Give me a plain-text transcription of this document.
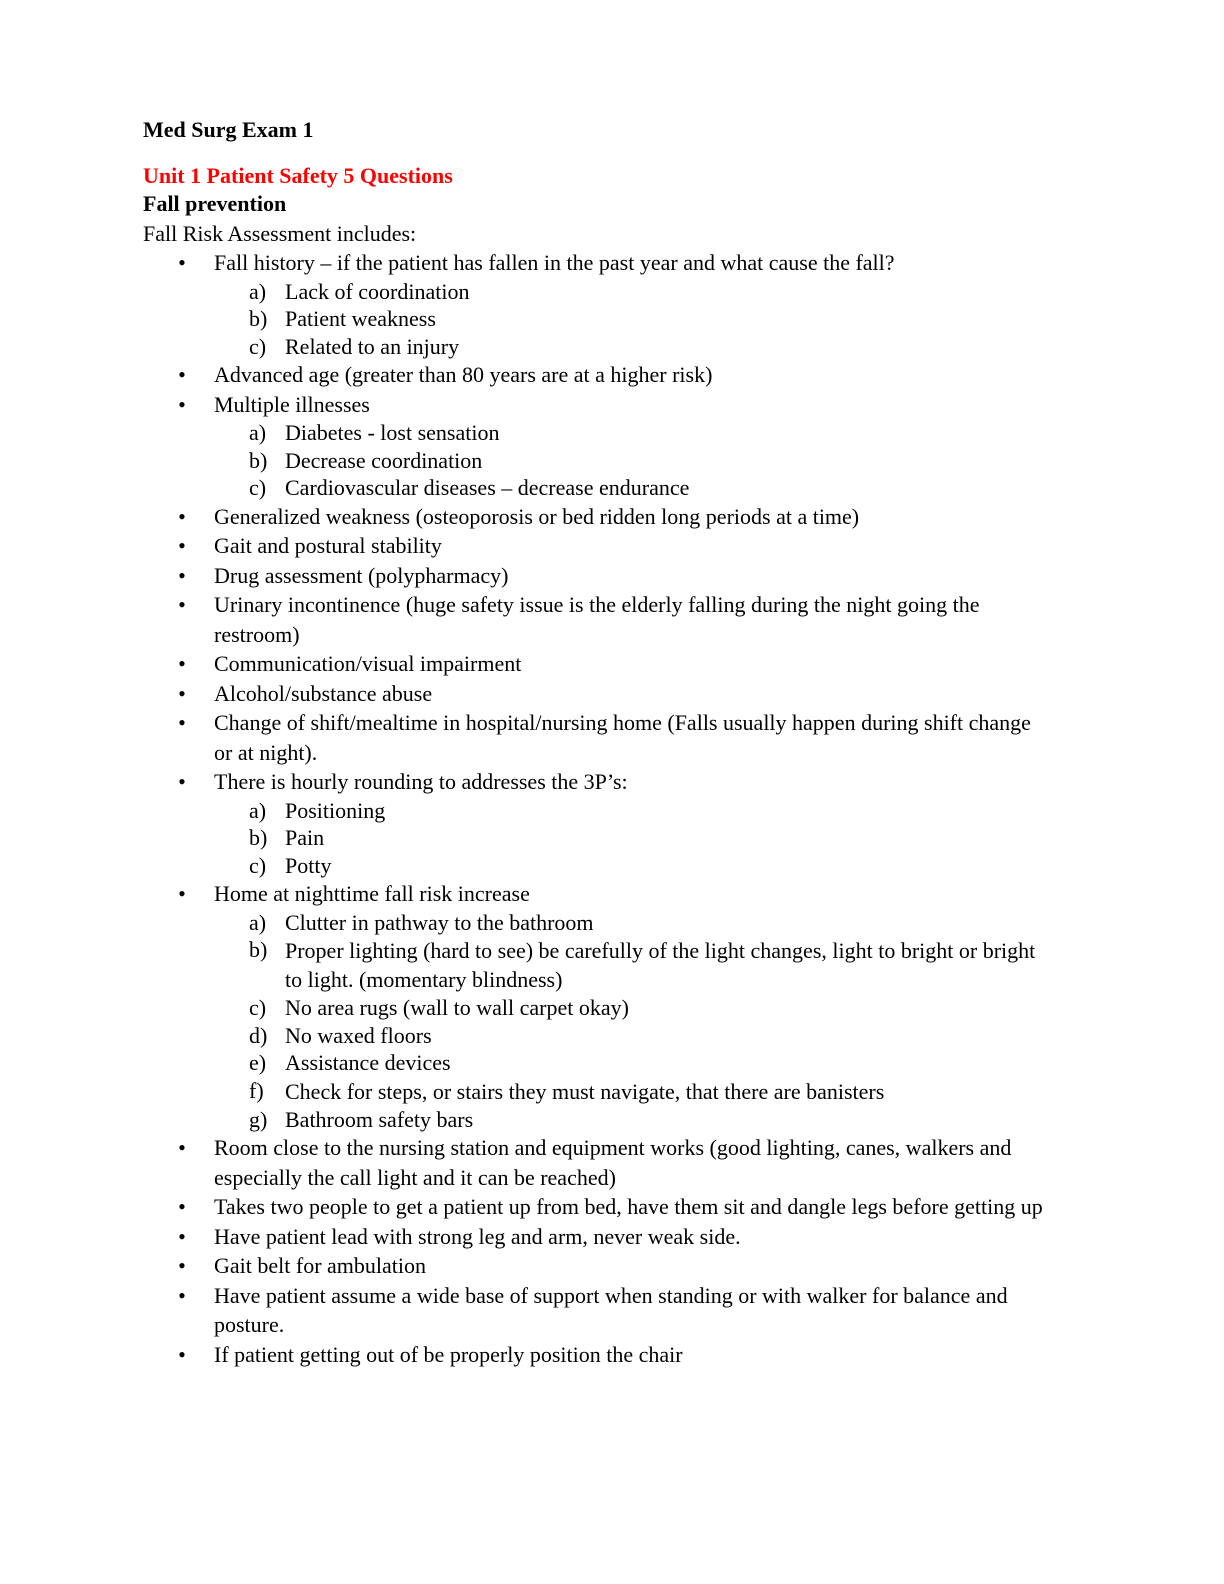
Med Surg Exam 1

Unit 1 Patient Safety 5 Questions

Fall prevention

Fall Risk Assessment includes:

• Fall history – if the patient has fallen in the past year and what cause the fall?
a) Lack of coordination
b) Patient weakness
c) Related to an injury
• Advanced age (greater than 80 years are at a higher risk)
• Multiple illnesses
a) Diabetes - lost sensation
b) Decrease coordination
c) Cardiovascular diseases – decrease endurance
• Generalized weakness (osteoporosis or bed ridden long periods at a time)
• Gait and postural stability
• Drug assessment (polypharmacy)
• Urinary incontinence (huge safety issue is the elderly falling during the night going the restroom)
• Communication/visual impairment
• Alcohol/substance abuse
• Change of shift/mealtime in hospital/nursing home (Falls usually happen during shift change or at night).
• There is hourly rounding to addresses the 3P’s:
a) Positioning
b) Pain
c) Potty
• Home at nighttime fall risk increase
a) Clutter in pathway to the bathroom
b) Proper lighting (hard to see) be carefully of the light changes, light to bright or bright to light. (momentary blindness)
c) No area rugs (wall to wall carpet okay)
d) No waxed floors
e) Assistance devices
f) Check for steps, or stairs they must navigate, that there are banisters
g) Bathroom safety bars
• Room close to the nursing station and equipment works (good lighting, canes, walkers and especially the call light and it can be reached)
• Takes two people to get a patient up from bed, have them sit and dangle legs before getting up
• Have patient lead with strong leg and arm, never weak side.
• Gait belt for ambulation
• Have patient assume a wide base of support when standing or with walker for balance and posture.
• If patient getting out of be properly position the chair
